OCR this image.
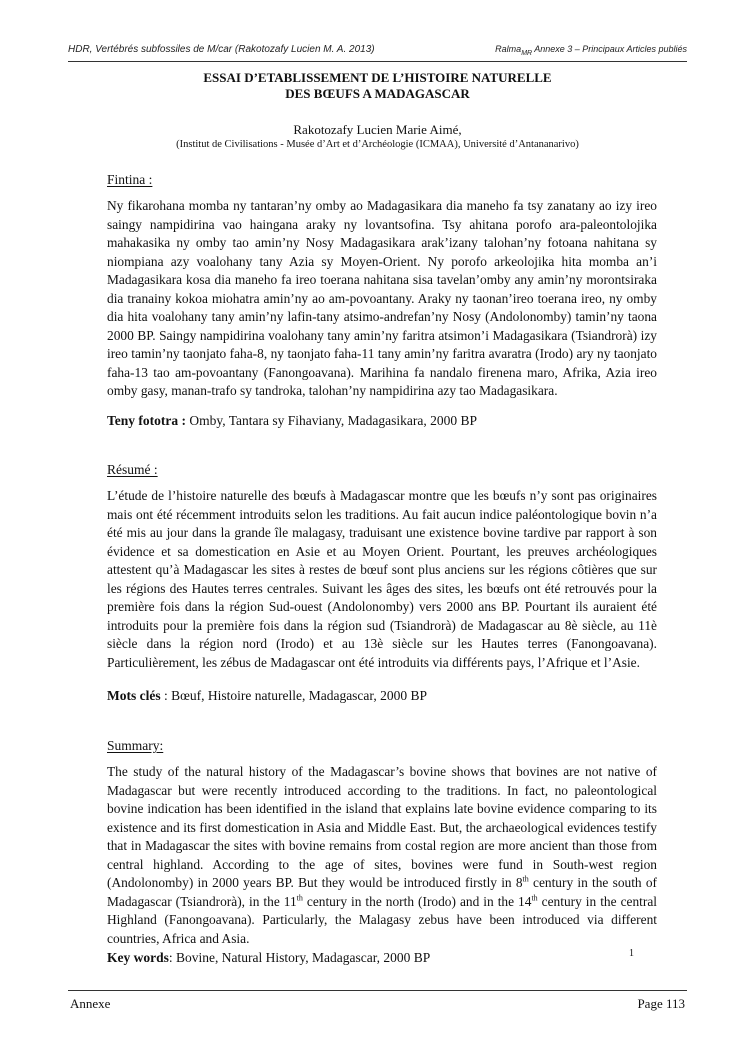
HDR, Vertébrés subfossiles de M/car (Rakotozafy Lucien M. A. 2013)	Ralma$_{MR}$ Annexe 3 – Principaux Articles publiés
ESSAI D’ETABLISSEMENT DE L’HISTOIRE NATURELLE
DES BŒUFS A MADAGASCAR
Rakotozafy Lucien Marie Aimé,
(Institut de Civilisations - Musée d’Art et d’Archéologie (ICMAA), Université d’Antananarivo)
Fintina :
Ny fikarohana momba ny tantaran’ny omby ao Madagasikara dia maneho fa tsy zanatany ao izy ireo saingy nampidirina vao haingana araky ny lovantsofina. Tsy ahitana porofo ara-paleontolojika mahakasika ny omby tao amin’ny Nosy Madagasikara arak’izany talohan’ny fotoana nahitana sy niompiana azy voalohany tany Azia sy Moyen-Orient. Ny porofo arkeolojika hita momba an’i Madagasikara kosa dia maneho fa ireo toerana nahitana sisa tavelan’omby any amin’ny morontsiraka dia tranainy kokoa miohatra amin’ny ao am-povoantany. Araky ny taonan’ireo toerana ireo, ny omby dia hita voalohany tany amin’ny lafin-tany atsimo-andrefan’ny Nosy (Andolonomby) tamin’ny taona 2000 BP. Saingy nampidirina voalohany tany amin’ny faritra atsimon’i Madagasikara (Tsiandrorà) izy ireo tamin’ny taonjato faha-8, ny taonjato faha-11 tany amin’ny faritra avaratra (Irodo) ary ny taonjato faha-13 tao am-povoantany (Fanongoavana). Marihina fa nandalo firenena maro, Afrika, Azia ireo omby gasy, manan-trafo sy tandroka, talohan’ny nampidirina azy tao Madagasikara.
Teny fototra : Omby, Tantara sy Fihaviany, Madagasikara, 2000 BP
Résumé :
L’étude de l’histoire naturelle des bœufs à Madagascar montre que les bœufs n’y sont pas originaires mais ont été récemment introduits selon les traditions. Au fait aucun indice paléontologique bovin n’a été mis au jour dans la grande île malagasy, traduisant une existence bovine tardive par rapport à son évidence et sa domestication en Asie et au Moyen Orient. Pourtant, les preuves archéologiques attestent qu’à Madagascar les sites à restes de bœuf sont plus anciens sur les régions côtières que sur les régions des Hautes terres centrales. Suivant les âges des sites, les bœufs ont été retrouvés pour la première fois dans la région Sud-ouest (Andolonomby) vers 2000 ans BP. Pourtant ils auraient été introduits pour la première fois dans la région sud (Tsiandrorà) de Madagascar au 8è siècle, au 11è siècle dans la région nord (Irodo) et au 13è siècle sur les Hautes terres (Fanongoavana). Particulièrement, les zébus de Madagascar ont été introduits via différents pays, l’Afrique et l’Asie.
Mots clés : Bœuf, Histoire naturelle, Madagascar, 2000 BP
Summary:
The study of the natural history of the Madagascar’s bovine shows that bovines are not native of Madagascar but were recently introduced according to the traditions. In fact, no paleontological bovine indication has been identified in the island that explains late bovine evidence comparing to its existence and its first domestication in Asia and Middle East. But, the archaeological evidences testify that in Madagascar the sites with bovine remains from costal region are more ancient than those from central highland. According to the age of sites, bovines were fund in South-west region (Andolonomby) in 2000 years BP. But they would be introduced firstly in 8th century in the south of Madagascar (Tsiandrorà), in the 11th century in the north (Irodo) and in the 14th century in the central Highland (Fanongoavana). Particularly, the Malagasy zebus have been introduced via different countries, Africa and Asia.
Key words: Bovine, Natural History, Madagascar, 2000 BP	1
Annexe	Page 113
